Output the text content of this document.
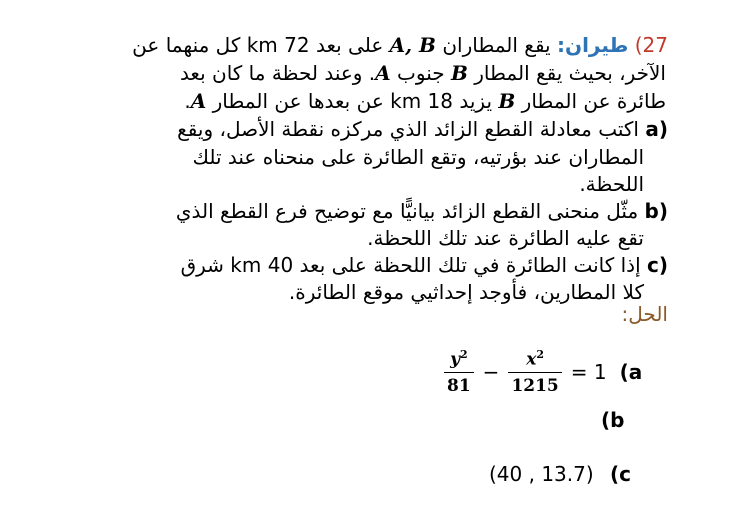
27) طيران: يقع المطاران A, B على بعد 72 km كل منهما عن
الآخر، بحيث يقع المطار B جنوب A. وعند لحظة ما كان بعد
طائرة عن المطار B يزيد 18 km عن بعدها عن المطار A.
a) اكتب معادلة القطع الزائد الذي مركزه نقطة الأصل، ويقع
المطاران عند بؤرتيه، وتقع الطائرة على منحناه عند تلك
اللحظة.
b) مثّل منحنى القطع الزائد بيانيًّا مع توضيح فرع القطع الذي
تقع عليه الطائرة عند تلك اللحظة.
c) إذا كانت الطائرة في تلك اللحظة على بعد 40 km شرق
كلا المطارين، فأوجد إحداثيي موقع الطائرة.
الحل:
$\frac{y^2}{81} - \frac{x^2}{1215} = 1$ (a
(b
(40 , 13.7) (c
